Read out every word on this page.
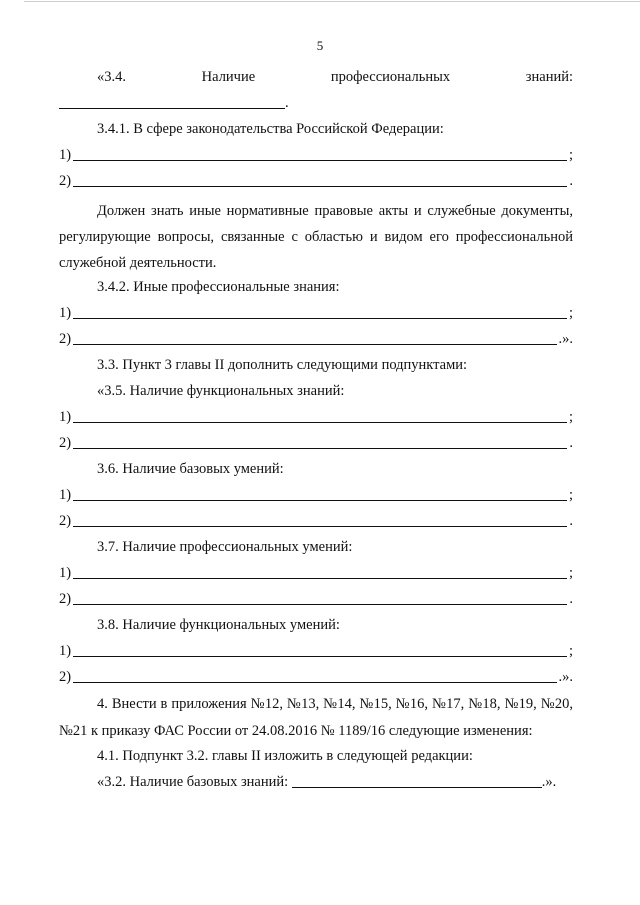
5
«3.4.	Наличие	профессиональных	знаний:
.
3.4.1. В сфере законодательства Российской Федерации:
1)	;
2)	.
Должен знать иные нормативные правовые акты и служебные документы, регулирующие вопросы, связанные с областью и видом его профессиональной служебной деятельности.
3.4.2. Иные профессиональные знания:
1)	;
2)	.».
3.3. Пункт 3 главы II дополнить следующими подпунктами:
«3.5. Наличие функциональных знаний:
1)	;
2)	.
3.6. Наличие базовых умений:
1)	;
2)	.
3.7. Наличие профессиональных умений:
1)	;
2)	.
3.8. Наличие функциональных умений:
1)	;
2)	.».
4. Внести в приложения №12, №13, №14, №15, №16, №17, №18, №19, №20, №21 к приказу ФАС России от 24.08.2016 № 1189/16 следующие изменения:
4.1. Подпункт 3.2. главы II изложить в следующей редакции:
«3.2. Наличие базовых знаний:	.».
